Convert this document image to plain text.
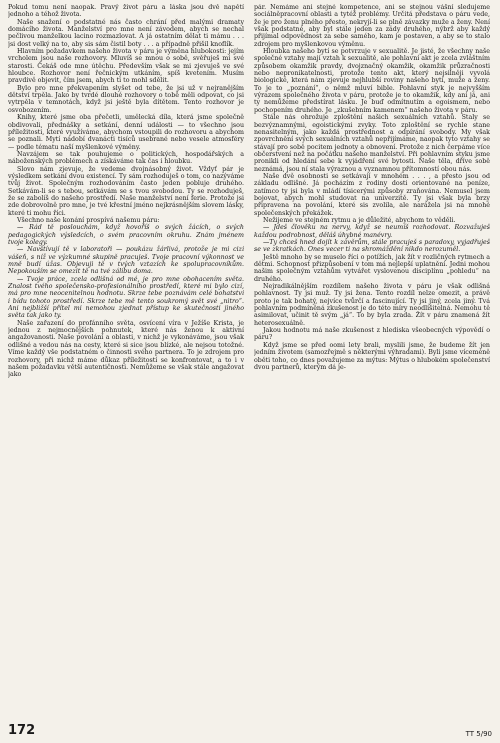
Pokud tomu není naopak. Pravý život páru a láska jsou dvě napětí jednoho a téhož života.

Naše snažení o podstatné nás často chrání před malými dramaty domácího života. Manželství pro mne není závodem, abych se nechal pečlivou manželkou lacino rozmazlovat. A já ostatním dělat ti mámu . . . jsi dost velký na to, aby sis sám čistil boty . . . a případně přišil knoflík.

Hlavním požadavkem našeho života v páru je výměna hlubokosti: jejím vrcholem jsou naše rozhovory. Mluvíš se mnou o sobě, svěřuješ mi své starosti. Čekáš ode mne útěchu. Především však se mi zjevuješ ve své hloubce. Rozhovor není řečnickým utkáním, spíš kvetením. Musím pravdivě objevit, čím jsem, abych ti to mohl sdělit.

Bylo pro mne překvapením slyšet od tebe, že jsi už v nejranějším dětství trpěla. Jako by tvrdé dlouhé rozhovory o tobě měli odpovat, co jsi vytrpěla v temnotách, když jsi ještě byla dítětem. Tento rozhovor je osvobozením.

Knihy, které jsme oba přečetli, umělecká díla, která jsme společně obdivovali, přednášky a setkání, denní události — to všechno jsou příležitosti, které využíváme, abychom vstoupili do rozhovoru a abychom se poznali. Mytí nádobí dvanácti tisíců usebrané nebo vesele atmosféry — podle tématu naší myšlenkové výměny.

Navzájem se tak pouhujeme o politických, hospodářských a náboženských problémech a získáváme tak čas i hloubku.

Slovo nám zjevuje, že vedeme dvojnásobný život. Vždyť pár je výsledkem setkání dvou existencí. Ty sám rozhoduješ o tom, co nazýváme tvůj život. Společným rozhodováním často jeden pobluje druhého. Setkávám-li se s tebou, setkávám se s tvou svobodou. Ty se rozhoduješ, že se zabolíš do našeho prostředí. Naše manželství není ferie. Protože jsi zde dobrovolně pro mne, je tvé křestní jméno nejkrásnějším slovem lásky, které ti mohu říci.

Všechno naše konání prospívá našemu páru:

— Rád tě poslouchám, když hovoříš o svých žácích, o svých pedagogických výsledcích, o svém pracovním okruhu. Znám jménem tvoje kolegy.

— Navštívují tě v laboratoři — poukázu žárlivá, protože je mi cizí vášeň, s níž ve výzkumné skupině pracuješ. Tvoje pracovní výkonnost ve mně budí úžas. Objevuji tě v tvých vztazích ke spolupracovníkům. Nepokouším se omezit tě na tvé zálibu doma.

— Tvoje práce, zcela odlišná od mé, je pro mne obohacením světa. Znalost tvého společensko-profesionálního prostředí, které mi bylo cizí, má pro mne neocenitelnou hodnotu. Skrze tebe poznávám celé bohatství i bídu tohoto prostředí. Skrze tebe mě tento soukromý svět své „nitro“. Ani nejbližší přítel mi nemohou zjednat přístup ke skutečnosti jiného světa tak jako ty.

Naše zařazení do profánního světa, osvícení víra v Ježíše Krista, je jednou z nejmocnějších pohnutek, které nás ženou k aktivní angažovanosti. Naše povolání a oblasti, v nichž je vykonáváme, jsou však odlišné a vedou nás na cesty, které si sice jsou blízké, ale nejsou totožné. Víme každý vše podstatném o činnosti svého partnera. To je zdrojem pro rozhovory, při nichž máme důkaz příležitostí se konfrontovat, a to i v našem požadavku větší autentičnosti. Nemůžeme se však stále angažovat jako

pár. Nemáme ani stejné kompetence, ani se stejnou vášní sledujeme sociálněpracovní oblasti a tytéž problémy. Určitá představa o páru vede, že je pro ženu plného přesto, nekryjí-li se plně závazky muže a ženy. Není však podstatné, aby byl stále jeden za zády druhého, nýbrž aby každý přijímal odpovědnost za sebe samého, kam je postaven, a aby se to stalo zdrojem pro myšlenkovou výměnu.

Hloubka našeho bytí se potvrzuje v sexualitě. Je jisté, že všechny naše společné vztahy mají vztah k sexualitě, ale pohlavní akt je zcela zvláštním způsobem okamžik pravdy, dvojznačný okamžik, okamžik průzračnosti nebo nepronikatelnosti, protože tento akt, který nejsilněji vyvolá biologické, která nám zjevuje nejhlubší roviny našeho bytí, muže a ženy. To je to „poznání“, o němž mluví bible. Pohlavní styk je nejvyšším výrazem společného života v páru, protože je to okamžik, kdy ani já, ani ty nemůžeme předstírat lásku. Je buď odmítnutím a egoismem, nebo pochopením druhého. Je „zkušebním kamenem“ našeho života v páru.

Stále nás ohrožuje zploštění našich sexuálních vztahů. Staly se bezvýznamnými, egoistickými zvyky. Toto zploštění se rychle stane nenasitelným, jako každá prostřednost a odpírání svobody. My však zpovrchnění svých sexuálních vztahů nepřijímáme, naopak tyto vztahy se stávají pro sobě pocitem jednoty a obnovení. Protože z nich čerpáme více občerstvení než na počátku našeho manželství. Při pohlavním styku jsme pronikli od hledání sebe k vyjádření své bytosti. Naše těla, dříve sobě neznámá, jsou ní stala výraznou a vyznamnou přítomností obou nás.

Naše dvě osobnosti se setkávají v mnohém . . . , a přesto jsou od základu odlišné. Já pocházím z rodiny dosti orientované na peníze, zatímco ty jsi byla v mládí tísicerými způsoby zraňována. Nemusel jsem bojovat, abych mohl studovat na univerzitě. Ty jsi však byla brzy připravena na povolání, které sis zvolila, ale narážela jsi na mnohé společenských překážek.

Nežijeme ve stejném rytmu a je důležité, abychom to věděli.

— Jdeš člověku na nervy, když se neumíš rozhodovat. Rozvažuješ každou podrobnost, děláš úhybné manévry.

—Ty chceš hned dojít k závěrům, stále pracuješ s paradoxy, vyjadřuješ se ve zkratkách. Ones vecer ti na shromáždění nikdo nerozuměl.

Ještě mnoho by se muselo říci o potížích, jak žít v rozličných rytmech a dětmi. Schopnost přizpůsobení v tom má nejlepší uplatnění. Jedni mohou našim společným vztahům vytvářet vyslovenou disciplínu „pohledu“ na druhého.

Nejradikálnějším rozdílem našeho života v páru je však odlišná pohlavnost. Ty jsi muž. Ty jsi žena. Tento rozdíl nelze omezit, a právě proto je tak bohatý, nejvíce tvůrčí a fascinující. Ty jsi jiný, zcela jiný. Tvá pohlavním podmíněná zkušenost je do této míry neodlišitelná. Nemohu tě asimilovat, učinit tě svým „já“. To by byla zrada. Žít v páru znamená žít heterosexuálně.

Jakou hodnotu má naše zkušenost z hlediska všeobecných výpovědí o páru?

Když jsme se před oomi lety brali, myslili jsme, že budeme žít jen jedním životem (samozřejmě s některými výhradami). Byli jsme víceméně oběti toho, co dnes považujeme za mýtus: Mýtus o hlubokém společenství dvou partnerů, kterým dá je-

172	TT 5/90
